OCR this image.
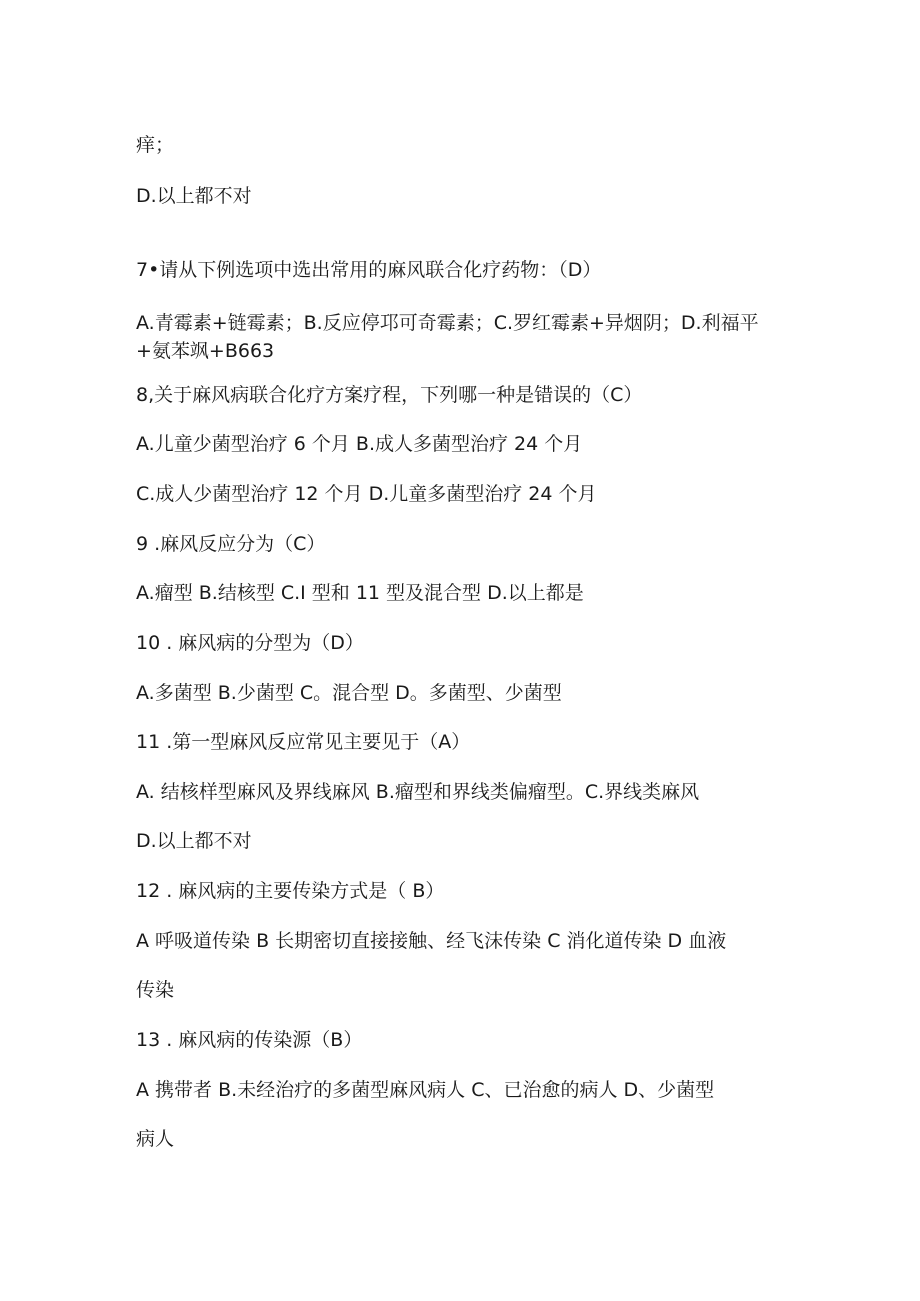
痒；

D.以上都不对

7•请从下例选项中选出常用的麻风联合化疗药物：（D）

A.青霉素+链霉素；B.反应停邛可奇霉素；C.罗红霉素+异烟阴；D.利福平+氨苯飒+B663

8,关于麻风病联合化疗方案疗程，下列哪一种是错误的（C）

A.儿童少菌型治疗 6 个月 B.成人多菌型治疗 24 个月

C.成人少菌型治疗 12 个月 D.儿童多菌型治疗 24 个月

9 .麻风反应分为（C）

A.瘤型 B.结核型 C.I 型和 11 型及混合型 D.以上都是

10 . 麻风病的分型为（D）

A.多菌型 B.少菌型 C。混合型 D。多菌型、少菌型

11 .第一型麻风反应常见主要见于（A）

A. 结核样型麻风及界线麻风 B.瘤型和界线类偏瘤型。C.界线类麻风

D.以上都不对

12 . 麻风病的主要传染方式是（ B）

A 呼吸道传染 B 长期密切直接接触、经飞沫传染 C 消化道传染 D 血液

传染

13 . 麻风病的传染源（B）

A 携带者 B.未经治疗的多菌型麻风病人 C、已治愈的病人 D、少菌型

病人
